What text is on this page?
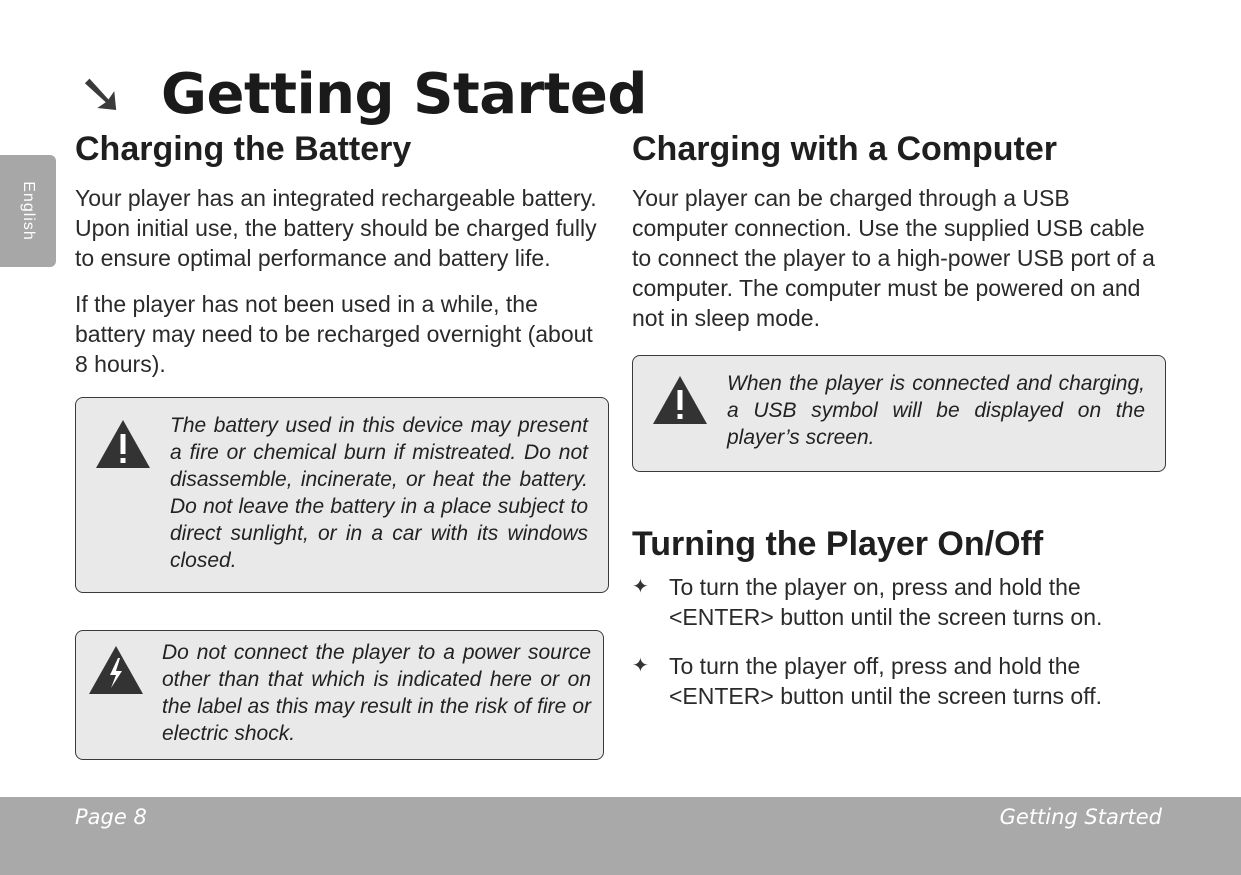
English
➘ Getting Started
Charging the Battery

Your player has an integrated rechargeable battery. Upon initial use, the battery should be charged fully to ensure optimal performance and battery life.

If the player has not been used in a while, the battery may need to be recharged overnight (about 8 hours).

The battery used in this device may present a fire or chemical burn if mistreated. Do not disassemble, incinerate, or heat the battery. Do not leave the battery in a place subject to direct sunlight, or in a car with its windows closed.
Do not connect the player to a power source other than that which is indicated here or on the label as this may result in the risk of fire or electric shock.
Charging with a Computer

Your player can be charged through a USB computer connection. Use the supplied USB cable to connect the player to a high-power USB port of a computer. The computer must be powered on and not in sleep mode.

When the player is connected and charging, a USB symbol will be displayed on the player’s screen.
Turning the Player On/Off
✦ To turn the player on, press and hold the <ENTER> button until the screen turns on.
✦ To turn the player off, press and hold the <ENTER> button until the screen turns off.
Page 8	Getting Started
